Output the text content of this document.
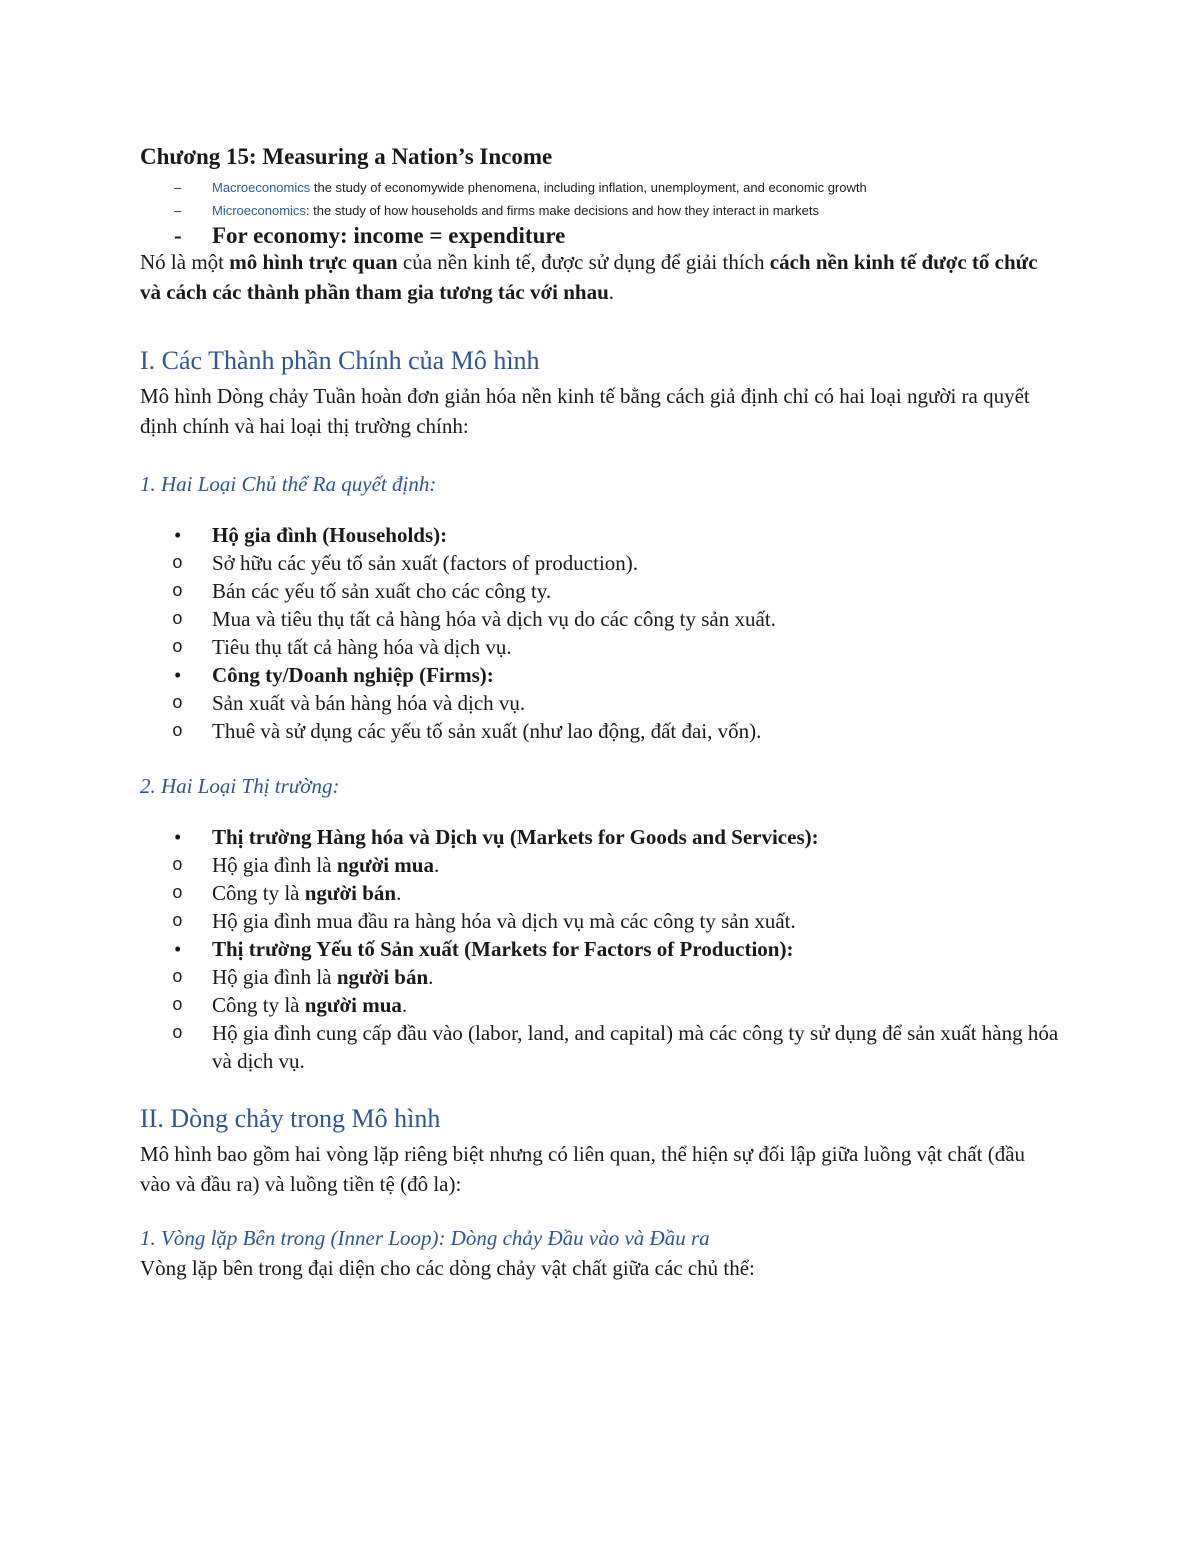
Chương 15: Measuring a Nation’s Income
– Macroeconomics the study of economywide phenomena, including inflation, unemployment, and economic growth
– Microeconomics: the study of how households and firms make decisions and how they interact in markets
- For economy: income = expenditure

Nó là một mô hình trực quan của nền kinh tế, được sử dụng để giải thích cách nền kinh tế được tổ chức và cách các thành phần tham gia tương tác với nhau.

I. Các Thành phần Chính của Mô hình

Mô hình Dòng chảy Tuần hoàn đơn giản hóa nền kinh tế bằng cách giả định chỉ có hai loại người ra quyết định chính và hai loại thị trường chính:

1. Hai Loại Chủ thể Ra quyết định:
• Hộ gia đình (Households):
o Sở hữu các yếu tố sản xuất (factors of production).
o Bán các yếu tố sản xuất cho các công ty.
o Mua và tiêu thụ tất cả hàng hóa và dịch vụ do các công ty sản xuất.
o Tiêu thụ tất cả hàng hóa và dịch vụ.
• Công ty/Doanh nghiệp (Firms):
o Sản xuất và bán hàng hóa và dịch vụ.
o Thuê và sử dụng các yếu tố sản xuất (như lao động, đất đai, vốn).
2. Hai Loại Thị trường:
• Thị trường Hàng hóa và Dịch vụ (Markets for Goods and Services):
o Hộ gia đình là người mua.
o Công ty là người bán.
o Hộ gia đình mua đầu ra hàng hóa và dịch vụ mà các công ty sản xuất.
• Thị trường Yếu tố Sản xuất (Markets for Factors of Production):
o Hộ gia đình là người bán.
o Công ty là người mua.
o Hộ gia đình cung cấp đầu vào (labor, land, and capital) mà các công ty sử dụng để sản xuất hàng hóa và dịch vụ.
II. Dòng chảy trong Mô hình

Mô hình bao gồm hai vòng lặp riêng biệt nhưng có liên quan, thể hiện sự đối lập giữa luồng vật chất (đầu vào và đầu ra) và luồng tiền tệ (đô la):

1. Vòng lặp Bên trong (Inner Loop): Dòng chảy Đầu vào và Đầu ra

Vòng lặp bên trong đại diện cho các dòng chảy vật chất giữa các chủ thể:
